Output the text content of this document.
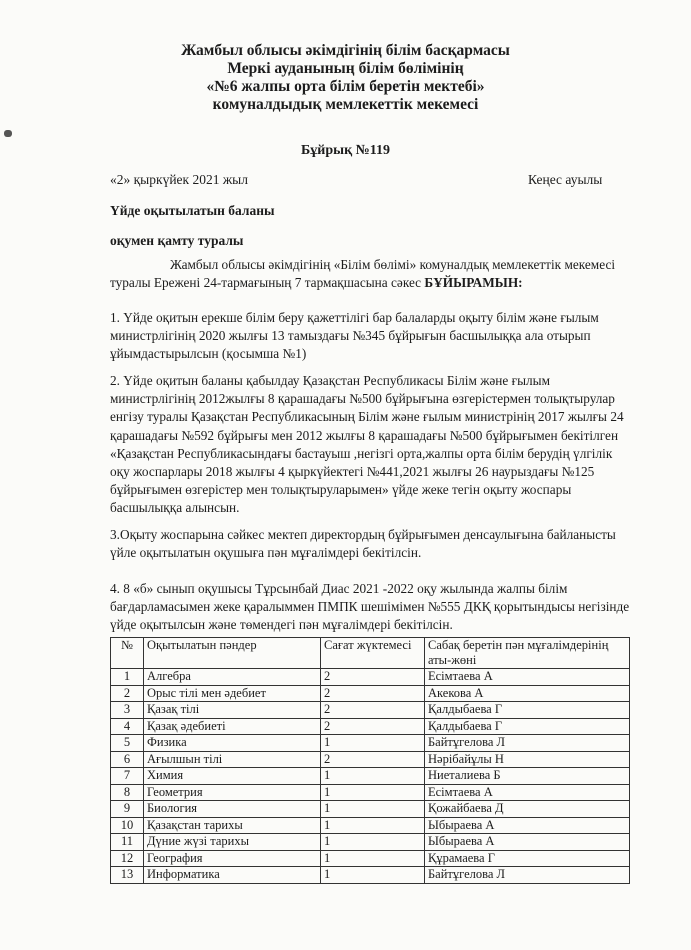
Жамбыл облысы әкімдігінің білім басқармасы
Меркі ауданының білім бөлімінің
«№6 жалпы орта білім беретін мектебі»
комуналдыдық мемлекеттік мекемесі
Бұйрық №119
«2» қыркүйек 2021 жыл	Кеңес ауылы
Үйде оқытылатын баланы
оқумен қамту туралы
Жамбыл облысы әкімдігінің «Білім бөлімі» комуналдық мемлекеттік мекемесі туралы Ережені 24-тармағының 7 тармақшасына сәкес БҰЙЫРАМЫН:
1. Үйде оқитын ерекше білім беру қажеттілігі бар балаларды оқыту білім және ғылым министрлігінің 2020 жылғы 13 тамыздағы №345 бұйрығын басшылыққа ала отырып ұйымдастырылсын (қосымша №1)
2. Үйде оқитын баланы қабылдау Қазақстан Республикасы Білім және ғылым министрлігінің 2012жылғы 8 қарашадағы №500 бұйрығына өзгерістермен толықтырулар енгізу туралы Қазақстан Республикасының Білім және ғылым министрінің 2017 жылғы 24 қарашадағы №592 бұйрығы мен 2012 жылғы 8 қарашадағы №500 бұйрығымен бекітілген «Қазақстан Республикасындағы бастауыш ,негізгі орта,жалпы орта білім берудің үлгілік оқу жоспарлары 2018 жылғы 4 қыркүйектегі №441,2021 жылғы 26 наурыздағы №125 бұйрығымен өзгерістер мен толықтыруларымен» үйде жеке тегін оқыту жоспары басшылыққа алынсын.
3.Оқыту жоспарына сәйкес мектеп директордың бұйрығымен денсаулығына байланысты үйле оқытылатын оқушыға пән мұғалімдері бекітілсін.
4. 8 «б» сынып оқушысы Тұрсынбай Диас 2021 -2022 оқу жылында жалпы білім бағдарламасымен жеке қаралыммен ПМПК шешімімен №555 ДКҚ қорытындысы негізінде үйде оқытылсын және төмендегі пән мұғалімдері бекітілсін.
№	Оқытылатын пәндер	Сағат жүктемесі	Сабақ беретін пән мұғалімдерінің аты-жөні
1	Алгебра	2	Есімтаева А
2	Орыс тілі мен әдебиет	2	Акекова А
3	Қазақ тілі	2	Қалдыбаева Г
4	Қазақ әдебиеті	2	Қалдыбаева Г
5	Физика	1	Байтұгелова Л
6	Ағылшын тілі	2	Нәрібайұлы Н
7	Химия	1	Ниеталиева Б
8	Геометрия	1	Есімтаева А
9	Биология	1	Қожайбаева Д
10	Қазақстан тарихы	1	Ыбыраева А
11	Дүние жүзі тарихы	1	Ыбыраева А
12	География	1	Құрамаева Г
13	Информатика	1	Байтұгелова Л
